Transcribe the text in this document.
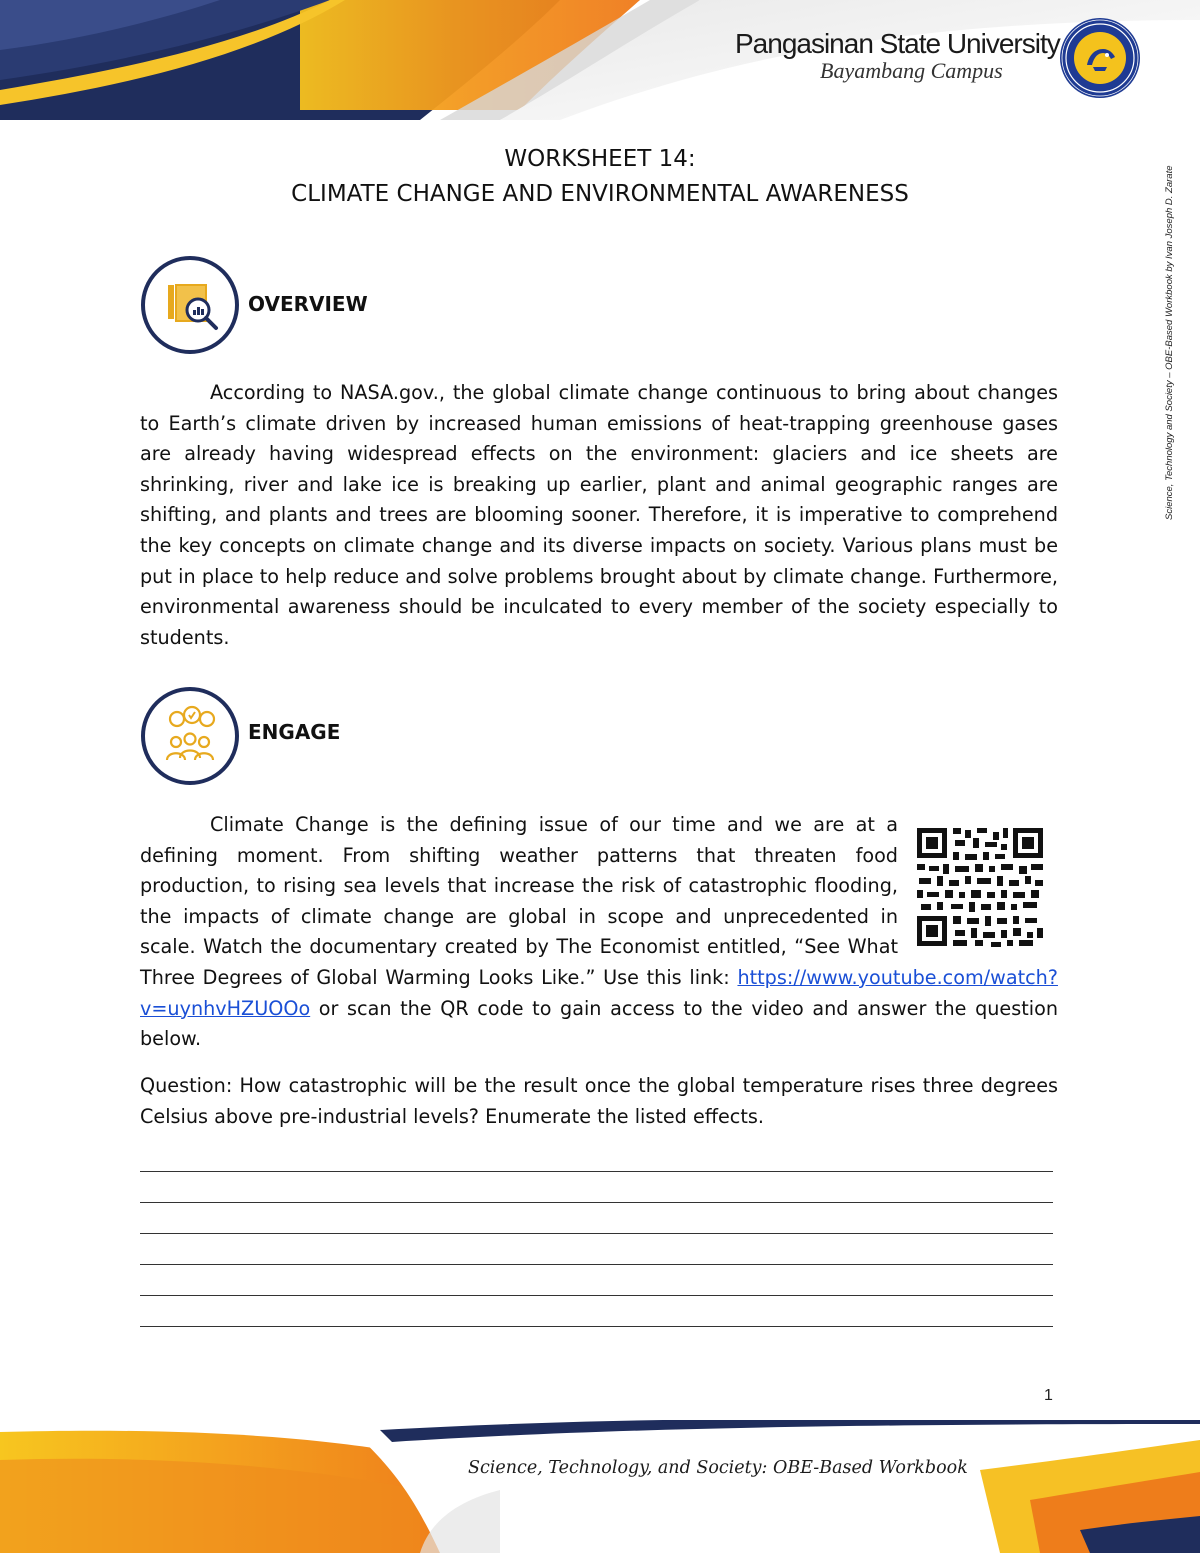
Pangasinan State University
Bayambang Campus
Science, Technology and Society – OBE-Based Workbook by Ivan Joseph D. Zarate
WORKSHEET 14:
CLIMATE CHANGE AND ENVIRONMENTAL AWARENESS
OVERVIEW

According to NASA.gov., the global climate change continuous to bring about changes to Earth’s climate driven by increased human emissions of heat-trapping greenhouse gases are already having widespread effects on the environment: glaciers and ice sheets are shrinking, river and lake ice is breaking up earlier, plant and animal geographic ranges are shifting, and plants and trees are blooming sooner. Therefore, it is imperative to comprehend the key concepts on climate change and its diverse impacts on society. Various plans must be put in place to help reduce and solve problems brought about by climate change. Furthermore, environmental awareness should be inculcated to every member of the society especially to students.

ENGAGE

Climate Change is the defining issue of our time and we are at a defining moment. From shifting weather patterns that threaten food production, to rising sea levels that increase the risk of catastrophic flooding, the impacts of climate change are global in scope and unprecedented in scale. Watch the documentary created by The Economist entitled, “See What Three Degrees of Global Warming Looks Like.” Use this link: https://www.youtube.com/watch?v=uynhvHZUOOo or scan the QR code to gain access to the video and answer the question below.

Question: How catastrophic will be the result once the global temperature rises three degrees Celsius above pre-industrial levels? Enumerate the listed effects.

1
Science, Technology, and Society: OBE-Based Workbook
